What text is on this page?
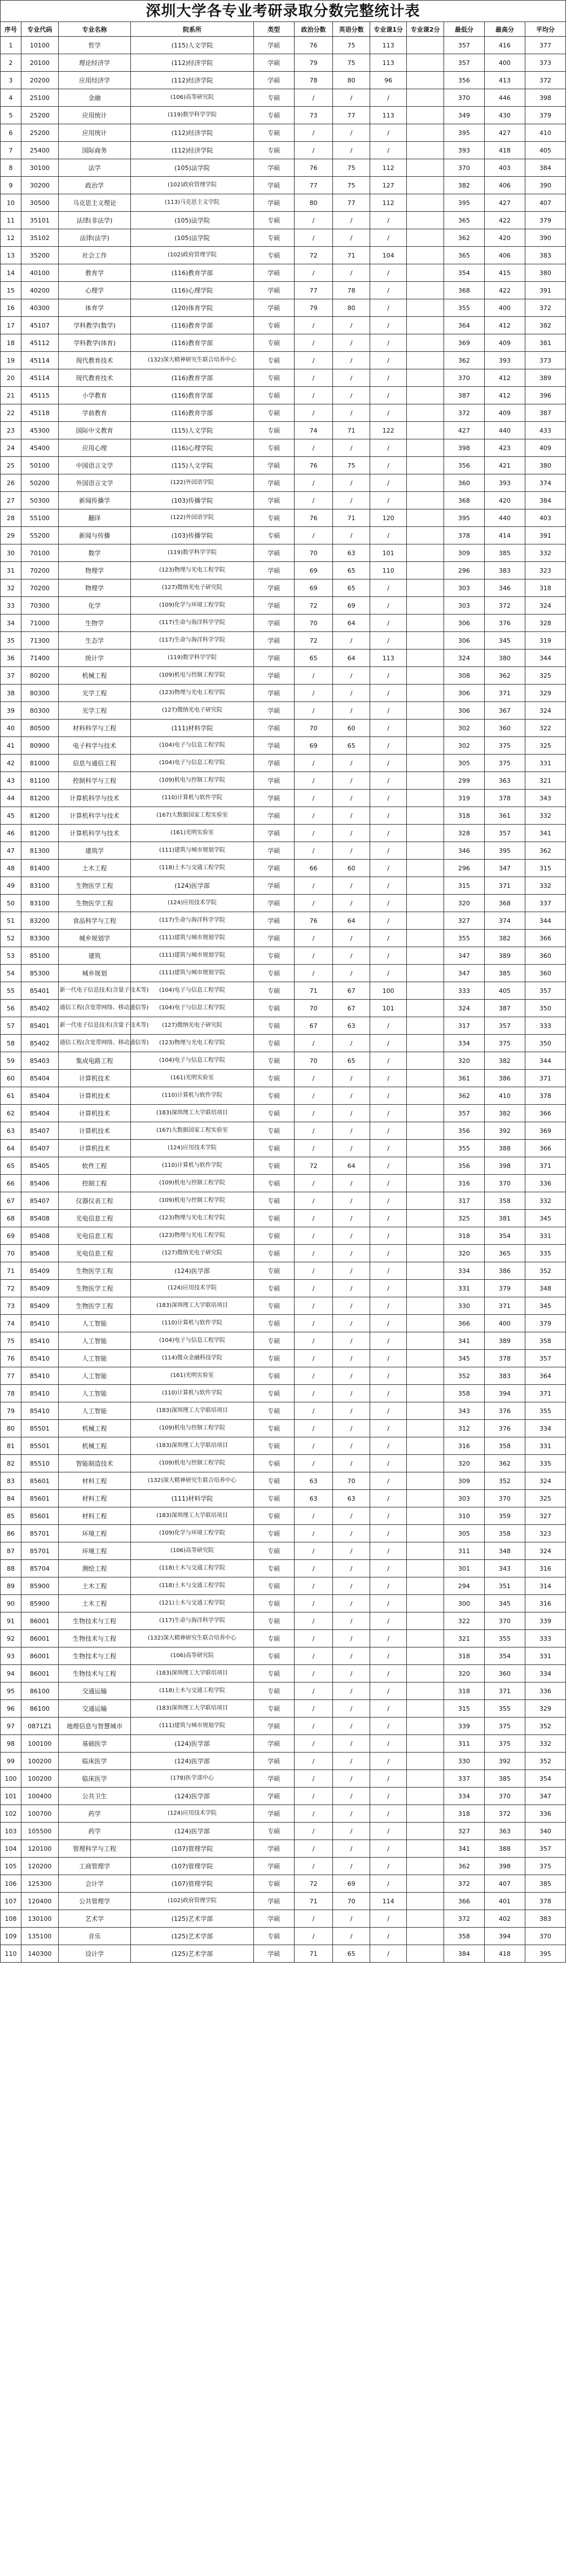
深圳大学各专业考研录取分数完整统计表
序号	专业代码	专业名称	院系所	类型	政治分数	英语分数	专业课1分	专业课2分	最低分	最高分	平均分
1	10100	哲学	(115)人文学院	学硕	76	75	113		357	416	377
2	20100	理论经济学	(112)经济学院	学硕	79	75	113		357	400	373
3	20200	应用经济学	(112)经济学院	学硕	78	80	96		356	413	372
4	25100	金融	(106)高等研究院	专硕	/	/	/		370	446	398
5	25200	应用统计	(119)数学科学学院	专硕	73	77	113		349	430	379
6	25200	应用统计	(112)经济学院	专硕	/	/	/		395	427	410
7	25400	国际商务	(112)经济学院	专硕	/	/	/		393	418	405
8	30100	法学	(105)法学院	学硕	76	75	112		370	403	384
9	30200	政治学	(102)政府管理学院	学硕	77	75	127		382	406	390
10	30500	马克思主义理论	(113)马克思主义学院	学硕	80	77	112		395	427	407
11	35101	法律(非法学)	(105)法学院	专硕	/	/	/		365	422	379
12	35102	法律(法学)	(105)法学院	专硕	/	/	/		362	420	390
13	35200	社会工作	(102)政府管理学院	专硕	72	71	104		365	406	383
14	40100	教育学	(116)教育学部	学硕	/	/	/		354	415	380
15	40200	心理学	(116)心理学院	学硕	77	78	/		368	422	391
16	40300	体育学	(120)体育学院	学硕	79	80	/		355	400	372
17	45107	学科教学(数学)	(116)教育学部	专硕	/	/	/		364	412	382
18	45112	学科教学(体育)	(116)教育学部	专硕	/	/	/		369	409	381
19	45114	现代教育技术	(132)深大精神研究生联合培养中心	专硕	/	/	/		362	393	373
20	45114	现代教育技术	(116)教育学部	专硕	/	/	/		370	412	389
21	45115	小学教育	(116)教育学部	专硕	/	/	/		387	412	396
22	45118	学前教育	(116)教育学部	专硕	/	/	/		372	409	387
23	45300	国际中文教育	(115)人文学院	专硕	74	71	122		427	440	433
24	45400	应用心理	(116)心理学院	专硕	/	/	/		398	423	409
25	50100	中国语言文学	(115)人文学院	学硕	76	75	/		356	421	380
26	50200	外国语言文学	(122)外国语学院	学硕	/	/	/		360	393	374
27	50300	新闻传播学	(103)传播学院	学硕	/	/	/		368	420	384
28	55100	翻译	(122)外国语学院	专硕	76	71	120		395	440	403
29	55200	新闻与传播	(103)传播学院	专硕	/	/	/		378	414	391
30	70100	数学	(119)数学科学学院	学硕	70	63	101		309	385	332
31	70200	物理学	(123)物理与光电工程学院	学硕	69	65	110		296	383	323
32	70200	物理学	(127)微纳光电子研究院	学硕	69	65	/		303	346	318
33	70300	化学	(109)化学与环境工程学院	学硕	72	69	/		303	372	324
34	71000	生物学	(117)生命与海洋科学学院	学硕	70	64	/		306	376	328
35	71300	生态学	(117)生命与海洋科学学院	学硕	72	/	/		306	345	319
36	71400	统计学	(119)数学科学学院	学硕	65	64	113		324	380	344
37	80200	机械工程	(109)机电与控制工程学院	学硕	/	/	/		308	362	325
38	80300	光学工程	(123)物理与光电工程学院	学硕	/	/	/		306	371	329
39	80300	光学工程	(127)微纳光电子研究院	学硕	/	/	/		306	367	324
40	80500	材料科学与工程	(111)材料学院	学硕	70	60	/		302	360	322
41	80900	电子科学与技术	(104)电子与信息工程学院	学硕	69	65	/		302	375	325
42	81000	信息与通信工程	(104)电子与信息工程学院	学硕	/	/	/		305	375	331
43	81100	控制科学与工程	(109)机电与控制工程学院	学硕	/	/	/		299	363	321
44	81200	计算机科学与技术	(110)计算机与软件学院	学硕	/	/	/		319	378	343
45	81200	计算机科学与技术	(167)大数据国家工程实验室	学硕	/	/	/		318	361	332
46	81200	计算机科学与技术	(161)光明实验室	学硕	/	/	/		328	357	341
47	81300	建筑学	(111)建筑与城市规划学院	学硕	/	/	/		346	395	362
48	81400	土木工程	(118)土木与交通工程学院	学硕	66	60	/		296	347	315
49	83100	生物医学工程	(124)医学部	学硕	/	/	/		315	371	332
50	83100	生物医学工程	(124)应用技术学院	学硕	/	/	/		320	368	337
51	83200	食品科学与工程	(117)生命与海洋科学学院	学硕	76	64	/		327	374	344
52	83300	城乡规划学	(111)建筑与城市规划学院	学硕	/	/	/		355	382	366
53	85100	建筑	(111)建筑与城市规划学院	专硕	/	/	/		347	389	360
54	85300	城乡规划	(111)建筑与城市规划学院	专硕	/	/	/		347	385	360
55	85401	新一代电子信息技术(含量子技术等)	(104)电子与信息工程学院	专硕	71	67	100		333	405	357
56	85402	通信工程(含宽带网络、移动通信等)	(104)电子与信息工程学院	专硕	70	67	101		324	387	350
57	85401	新一代电子信息技术(含量子技术等)	(127)微纳光电子研究院	专硕	67	63	/		317	357	333
58	85402	通信工程(含宽带网络、移动通信等)	(123)物理与光电工程学院	专硕	/	/	/		334	375	350
59	85403	集成电路工程	(104)电子与信息工程学院	专硕	70	65	/		320	382	344
60	85404	计算机技术	(161)光明实验室	专硕	/	/	/		361	386	371
61	85404	计算机技术	(110)计算机与软件学院	专硕	/	/	/		362	410	378
62	85404	计算机技术	(183)深圳理工大学联培项目	专硕	/	/	/		357	382	366
63	85407	计算机技术	(167)大数据国家工程实验室	专硕	/	/	/		356	392	369
64	85407	计算机技术	(124)应用技术学院	专硕	/	/	/		355	388	366
65	85405	软件工程	(110)计算机与软件学院	专硕	72	64	/		356	398	371
66	85406	控制工程	(109)机电与控制工程学院	专硕	/	/	/		316	370	336
67	85407	仪器仪表工程	(109)机电与控制工程学院	专硕	/	/	/		317	358	332
68	85408	光电信息工程	(123)物理与光电工程学院	专硕	/	/	/		325	381	345
69	85408	光电信息工程	(123)物理与光电工程学院	专硕	/	/	/		318	354	331
70	85408	光电信息工程	(127)微纳光电子研究院	专硕	/	/	/		320	365	335
71	85409	生物医学工程	(124)医学部	专硕	/	/	/		334	386	352
72	85409	生物医学工程	(124)应用技术学院	专硕	/	/	/		331	379	348
73	85409	生物医学工程	(183)深圳理工大学联培项目	专硕	/	/	/		330	371	345
74	85410	人工智能	(110)计算机与软件学院	专硕	/	/	/		366	400	379
75	85410	人工智能	(104)电子与信息工程学院	专硕	/	/	/		341	389	358
76	85410	人工智能	(114)微众金融科技学院	专硕	/	/	/		345	378	357
77	85410	人工智能	(161)光明实验室	专硕	/	/	/		352	383	364
78	85410	人工智能	(110)计算机与软件学院	专硕	/	/	/		358	394	371
79	85410	人工智能	(183)深圳理工大学联培项目	专硕	/	/	/		343	376	355
80	85501	机械工程	(109)机电与控制工程学院	专硕	/	/	/		312	376	334
81	85501	机械工程	(183)深圳理工大学联培项目	专硕	/	/	/		316	358	331
82	85510	智能制造技术	(109)机电与控制工程学院	专硕	/	/	/		320	362	335
83	85601	材料工程	(132)深大精神研究生联合培养中心	专硕	63	70	/		309	352	324
84	85601	材料工程	(111)材料学院	专硕	63	63	/		303	370	325
85	85601	材料工程	(183)深圳理工大学联培项目	专硕	/	/	/		310	359	327
86	85701	环境工程	(109)化学与环境工程学院	专硕	/	/	/		305	358	323
87	85701	环境工程	(106)高等研究院	专硕	/	/	/		311	348	324
88	85704	测绘工程	(118)土木与交通工程学院	专硕	/	/	/		301	343	316
89	85900	土木工程	(118)土木与交通工程学院	专硕	/	/	/		294	351	314
90	85900	土木工程	(121)土木与交通工程学院	专硕	/	/	/		300	345	316
91	86001	生物技术与工程	(117)生命与海洋科学学院	专硕	/	/	/		322	370	339
92	86001	生物技术与工程	(132)深大精神研究生联合培养中心	专硕	/	/	/		321	355	333
93	86001	生物技术与工程	(106)高等研究院	专硕	/	/	/		318	354	331
94	86001	生物技术与工程	(183)深圳理工大学联培项目	专硕	/	/	/		320	360	334
95	86100	交通运输	(118)土木与交通工程学院	专硕	/	/	/		318	371	336
96	86100	交通运输	(183)深圳理工大学联培项目	专硕	/	/	/		315	355	329
97	0871Z1	地理信息与智慧城市	(111)建筑与城市规划学院	学硕	/	/	/		339	375	352
98	100100	基础医学	(124)医学部	学硕	/	/	/		311	375	332
99	100200	临床医学	(124)医学部	学硕	/	/	/		330	392	352
100	100200	临床医学	(178)医学部中心	学硕	/	/	/		337	385	354
101	100400	公共卫生	(124)医学部	学硕	/	/	/		334	370	347
102	100700	药学	(124)应用技术学院	学硕	/	/	/		318	372	336
103	105500	药学	(124)医学部	专硕	/	/	/		327	363	340
104	120100	管理科学与工程	(107)管理学院	学硕	/	/	/		341	388	357
105	120200	工商管理学	(107)管理学院	学硕	/	/	/		362	398	375
106	125300	会计学	(107)管理学院	专硕	72	69	/		372	407	385
107	120400	公共管理学	(102)政府管理学院	学硕	71	70	114		366	401	378
108	130100	艺术学	(125)艺术学部	学硕	/	/	/		372	402	383
109	135100	音乐	(125)艺术学部	专硕	/	/	/		358	394	370
110	140300	设计学	(125)艺术学部	学硕	71	65	/		384	418	395
